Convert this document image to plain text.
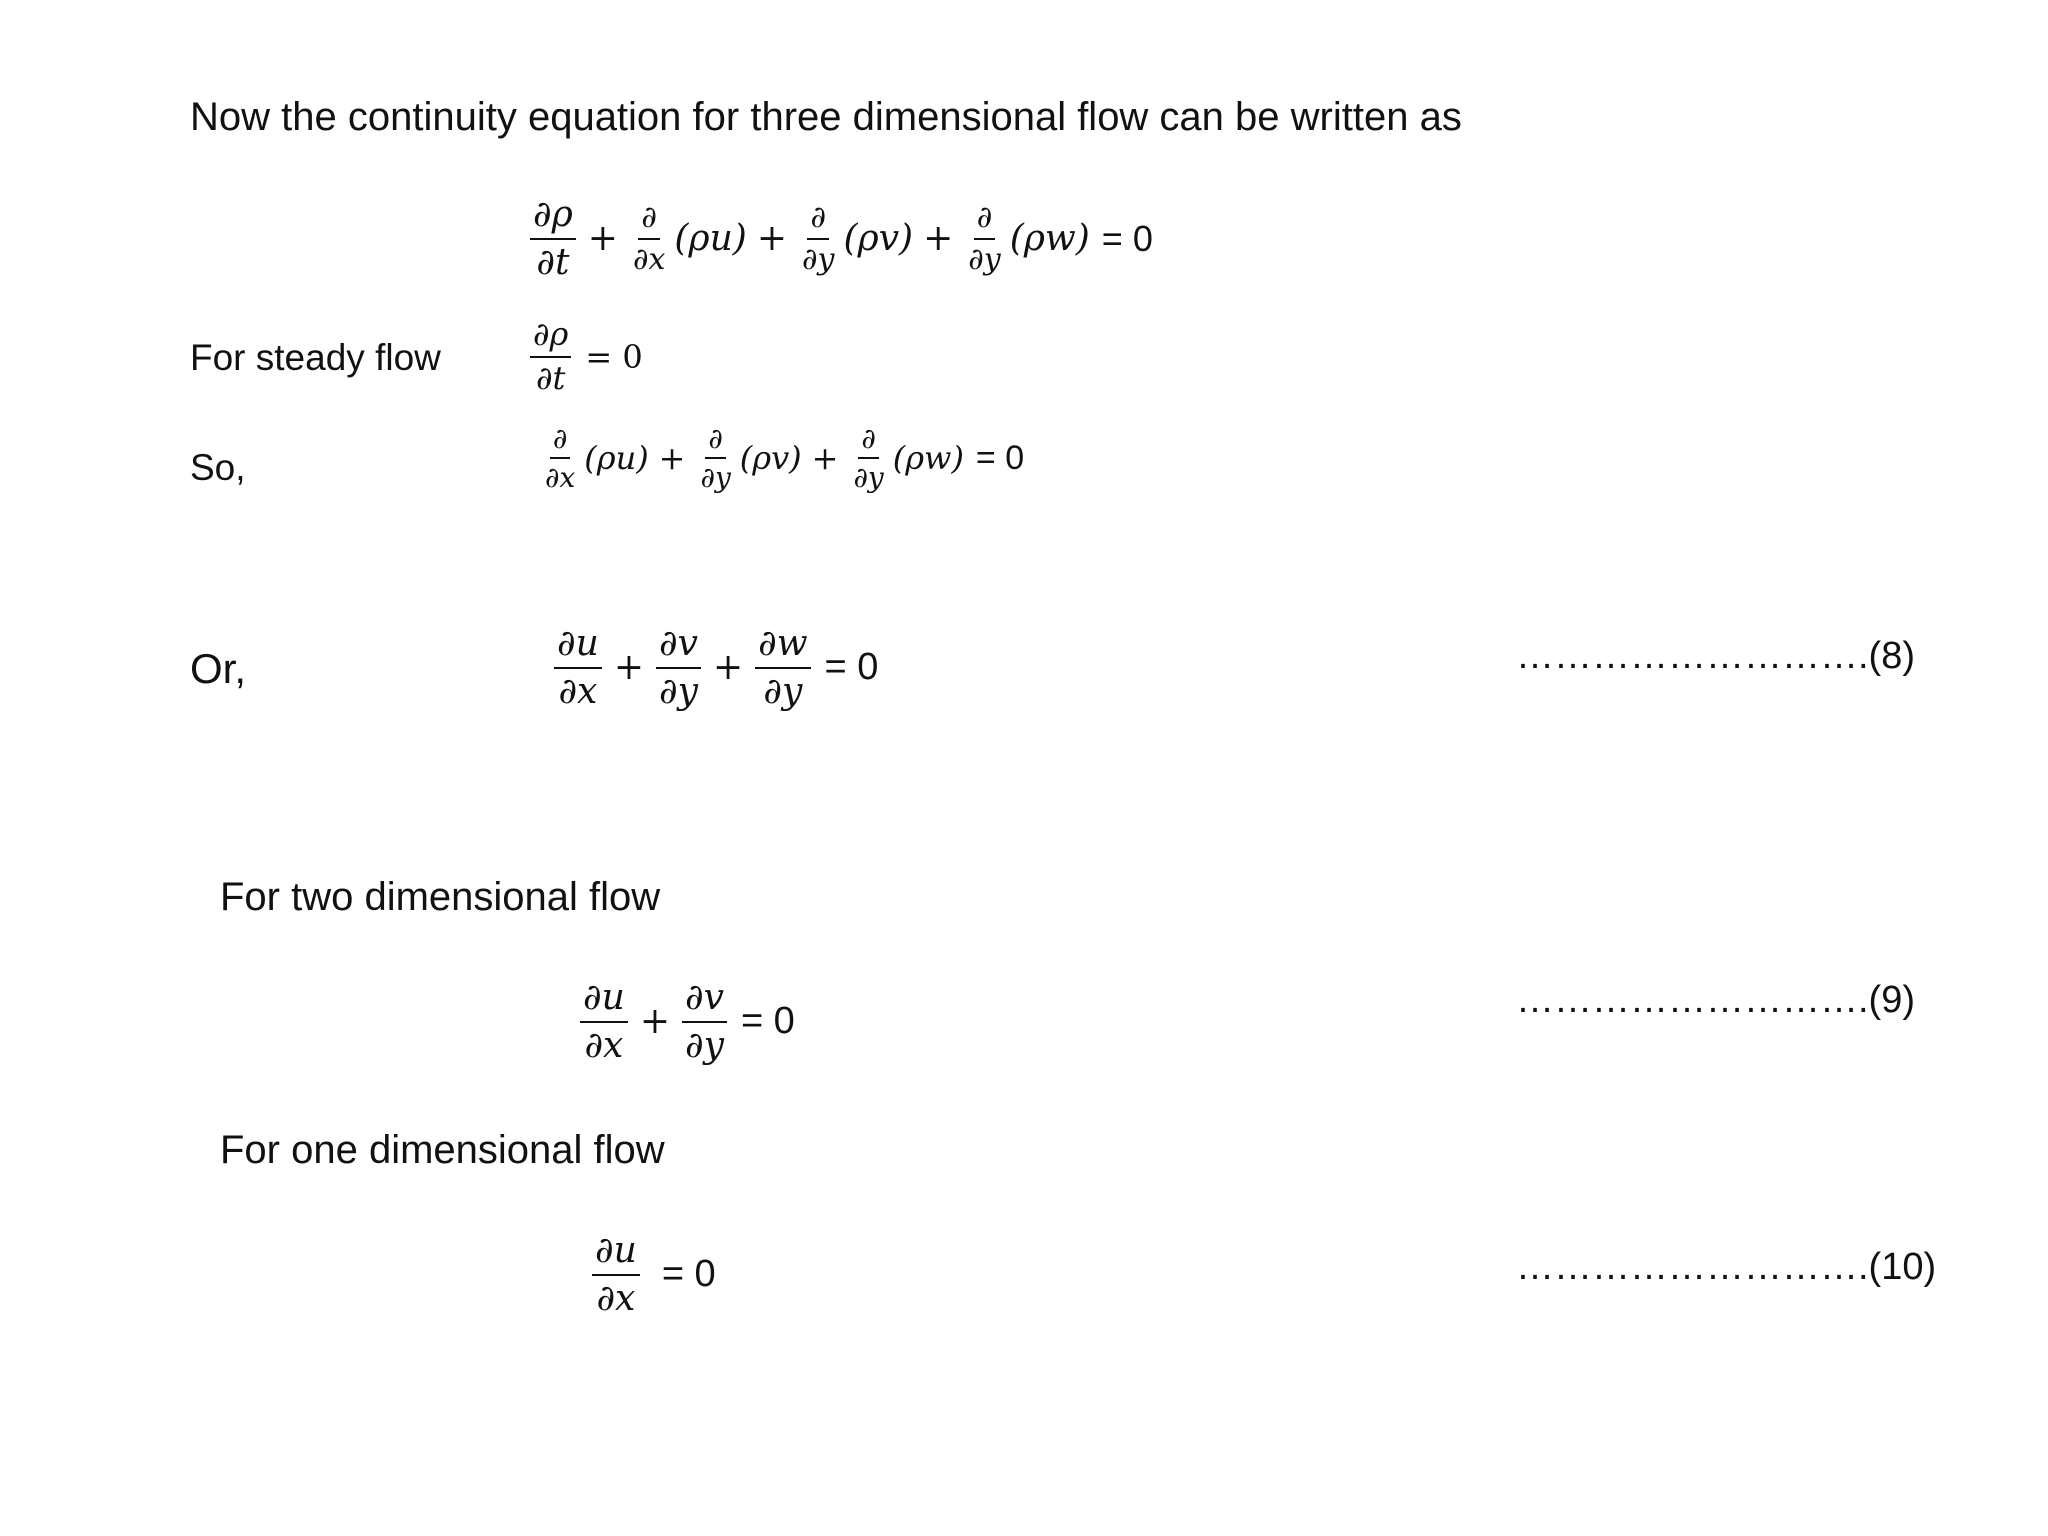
Now the continuity equation for three dimensional flow can be written as
$\frac{\partial\rho}{\partial t} + \frac{\partial}{\partial x} (\rho u) + \frac{\partial}{\partial y} (\rho v) + \frac{\partial}{\partial y} (\rho w) = 0$
For steady flow	$\frac{\partial\rho}{\partial t} = 0$
So,	$\frac{\partial}{\partial x} (\rho u) + \frac{\partial}{\partial y} (\rho v) + \frac{\partial}{\partial y} (\rho w) = 0$
Or,	$\frac{\partial u}{\partial x} + \frac{\partial v}{\partial y} + \frac{\partial w}{\partial y} = 0$	……………………….(8)
For two dimensional flow
$\frac{\partial u}{\partial x} + \frac{\partial v}{\partial y} = 0$
……………………….(9)
For one dimensional flow
$\frac{\partial u}{\partial x} = 0$	……………………….(10)
